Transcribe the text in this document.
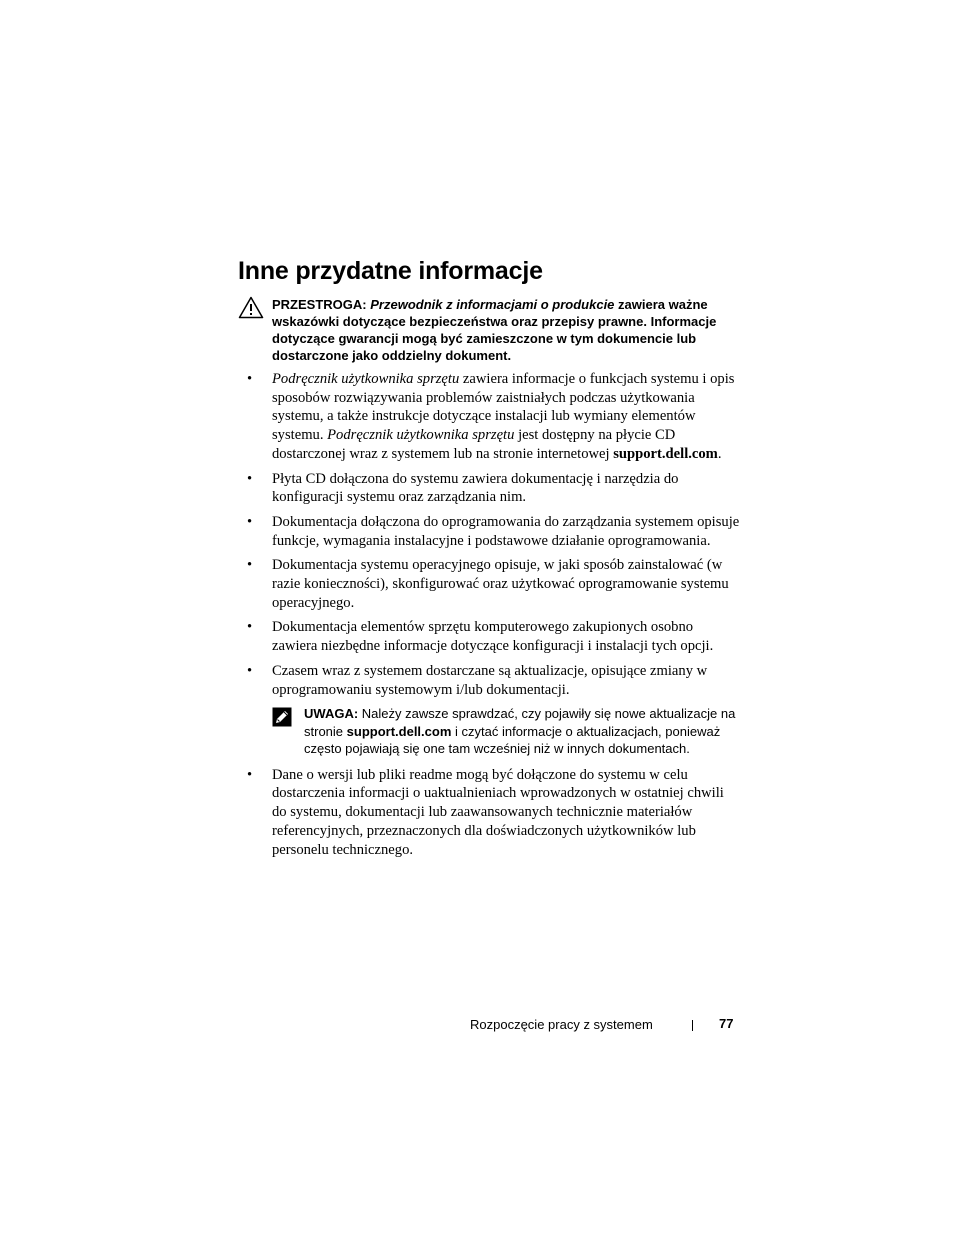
Inne przydatne informacje

PRZESTROGA: Przewodnik z informacjami o produkcie zawiera ważne wskazówki dotyczące bezpieczeństwa oraz przepisy prawne. Informacje dotyczące gwarancji mogą być zamieszczone w tym dokumencie lub dostarczone jako oddzielny dokument.

• Podręcznik użytkownika sprzętu zawiera informacje o funkcjach systemu i opis sposobów rozwiązywania problemów zaistniałych podczas użytkowania systemu, a także instrukcje dotyczące instalacji lub wymiany elementów systemu. Podręcznik użytkownika sprzętu jest dostępny na płycie CD dostarczonej wraz z systemem lub na stronie internetowej support.dell.com.
• Płyta CD dołączona do systemu zawiera dokumentację i narzędzia do konfiguracji systemu oraz zarządzania nim.
• Dokumentacja dołączona do oprogramowania do zarządzania systemem opisuje funkcje, wymagania instalacyjne i podstawowe działanie oprogramowania.
• Dokumentacja systemu operacyjnego opisuje, w jaki sposób zainstalować (w razie konieczności), skonfigurować oraz użytkować oprogramowanie systemu operacyjnego.
• Dokumentacja elementów sprzętu komputerowego zakupionych osobno zawiera niezbędne informacje dotyczące konfiguracji i instalacji tych opcji.
• Czasem wraz z systemem dostarczane są aktualizacje, opisujące zmiany w oprogramowaniu systemowym i/lub dokumentacji.
UWAGA: Należy zawsze sprawdzać, czy pojawiły się nowe aktualizacje na stronie support.dell.com i czytać informacje o aktualizacjach, ponieważ często pojawiają się one tam wcześniej niż w innych dokumentach.
• Dane o wersji lub pliki readme mogą być dołączone do systemu w celu dostarczenia informacji o uaktualnieniach wprowadzonych w ostatniej chwili do systemu, dokumentacji lub zaawansowanych technicznie materiałów referencyjnych, przeznaczonych dla doświadczonych użytkowników lub personelu technicznego.
Rozpoczęcie pracy z systemem	77
